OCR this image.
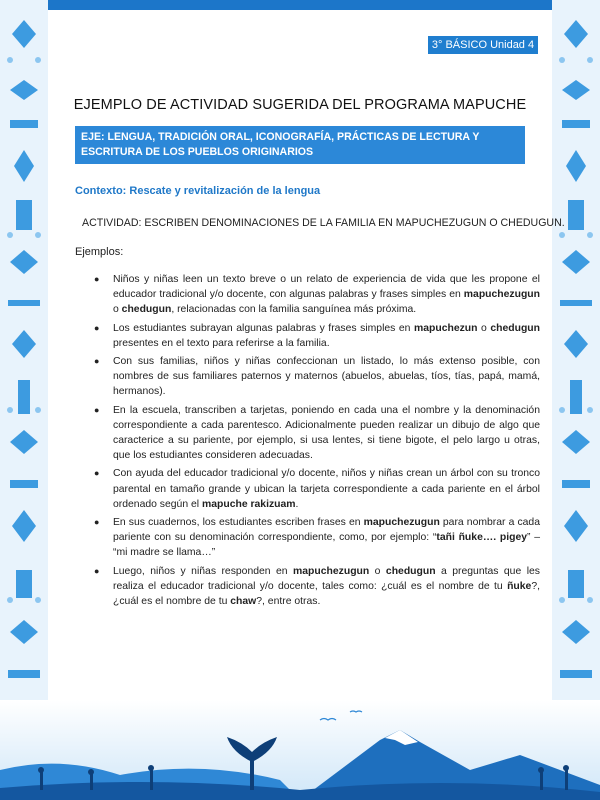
3° BÁSICO Unidad 4
EJEMPLO DE ACTIVIDAD SUGERIDA DEL PROGRAMA MAPUCHE
EJE: LENGUA, TRADICIÓN ORAL, ICONOGRAFÍA, PRÁCTICAS DE LECTURA Y ESCRITURA DE LOS PUEBLOS ORIGINARIOS
Contexto: Rescate y revitalización de la lengua
ACTIVIDAD: ESCRIBEN DENOMINACIONES DE LA FAMILIA EN MAPUCHEZUGUN O CHEDUGUN.
Ejemplos:
● Niños y niñas leen un texto breve o un relato de experiencia de vida que les propone el educador tradicional y/o docente, con algunas palabras y frases simples en mapuchezugun o chedugun, relacionadas con la familia sanguínea más próxima.
● Los estudiantes subrayan algunas palabras y frases simples en mapuchezun o chedugun presentes en el texto para referirse a la familia.
● Con sus familias, niños y niñas confeccionan un listado, lo más extenso posible, con nombres de sus familiares paternos y maternos (abuelos, abuelas, tíos, tías, papá, mamá, hermanos).
● En la escuela, transcriben a tarjetas, poniendo en cada una el nombre y la denominación correspondiente a cada parentesco. Adicionalmente pueden realizar un dibujo de algo que caracterice a su pariente, por ejemplo, si usa lentes, si tiene bigote, el pelo largo u otras, que los estudiantes consideren adecuadas.
● Con ayuda del educador tradicional y/o docente, niños y niñas crean un árbol con su tronco parental en tamaño grande y ubican la tarjeta correspondiente a cada pariente en el árbol ordenado según el mapuche rakizuam.
● En sus cuadernos, los estudiantes escriben frases en mapuchezugun para nombrar a cada pariente con su denominación correspondiente, como, por ejemplo: “tañi ñuke…. pigey” – “mi madre se llama…”
● Luego, niños y niñas responden en mapuchezugun o chedugun a preguntas que les realiza el educador tradicional y/o docente, tales como: ¿cuál es el nombre de tu ñuke?, ¿cuál es el nombre de tu chaw?, entre otras.
